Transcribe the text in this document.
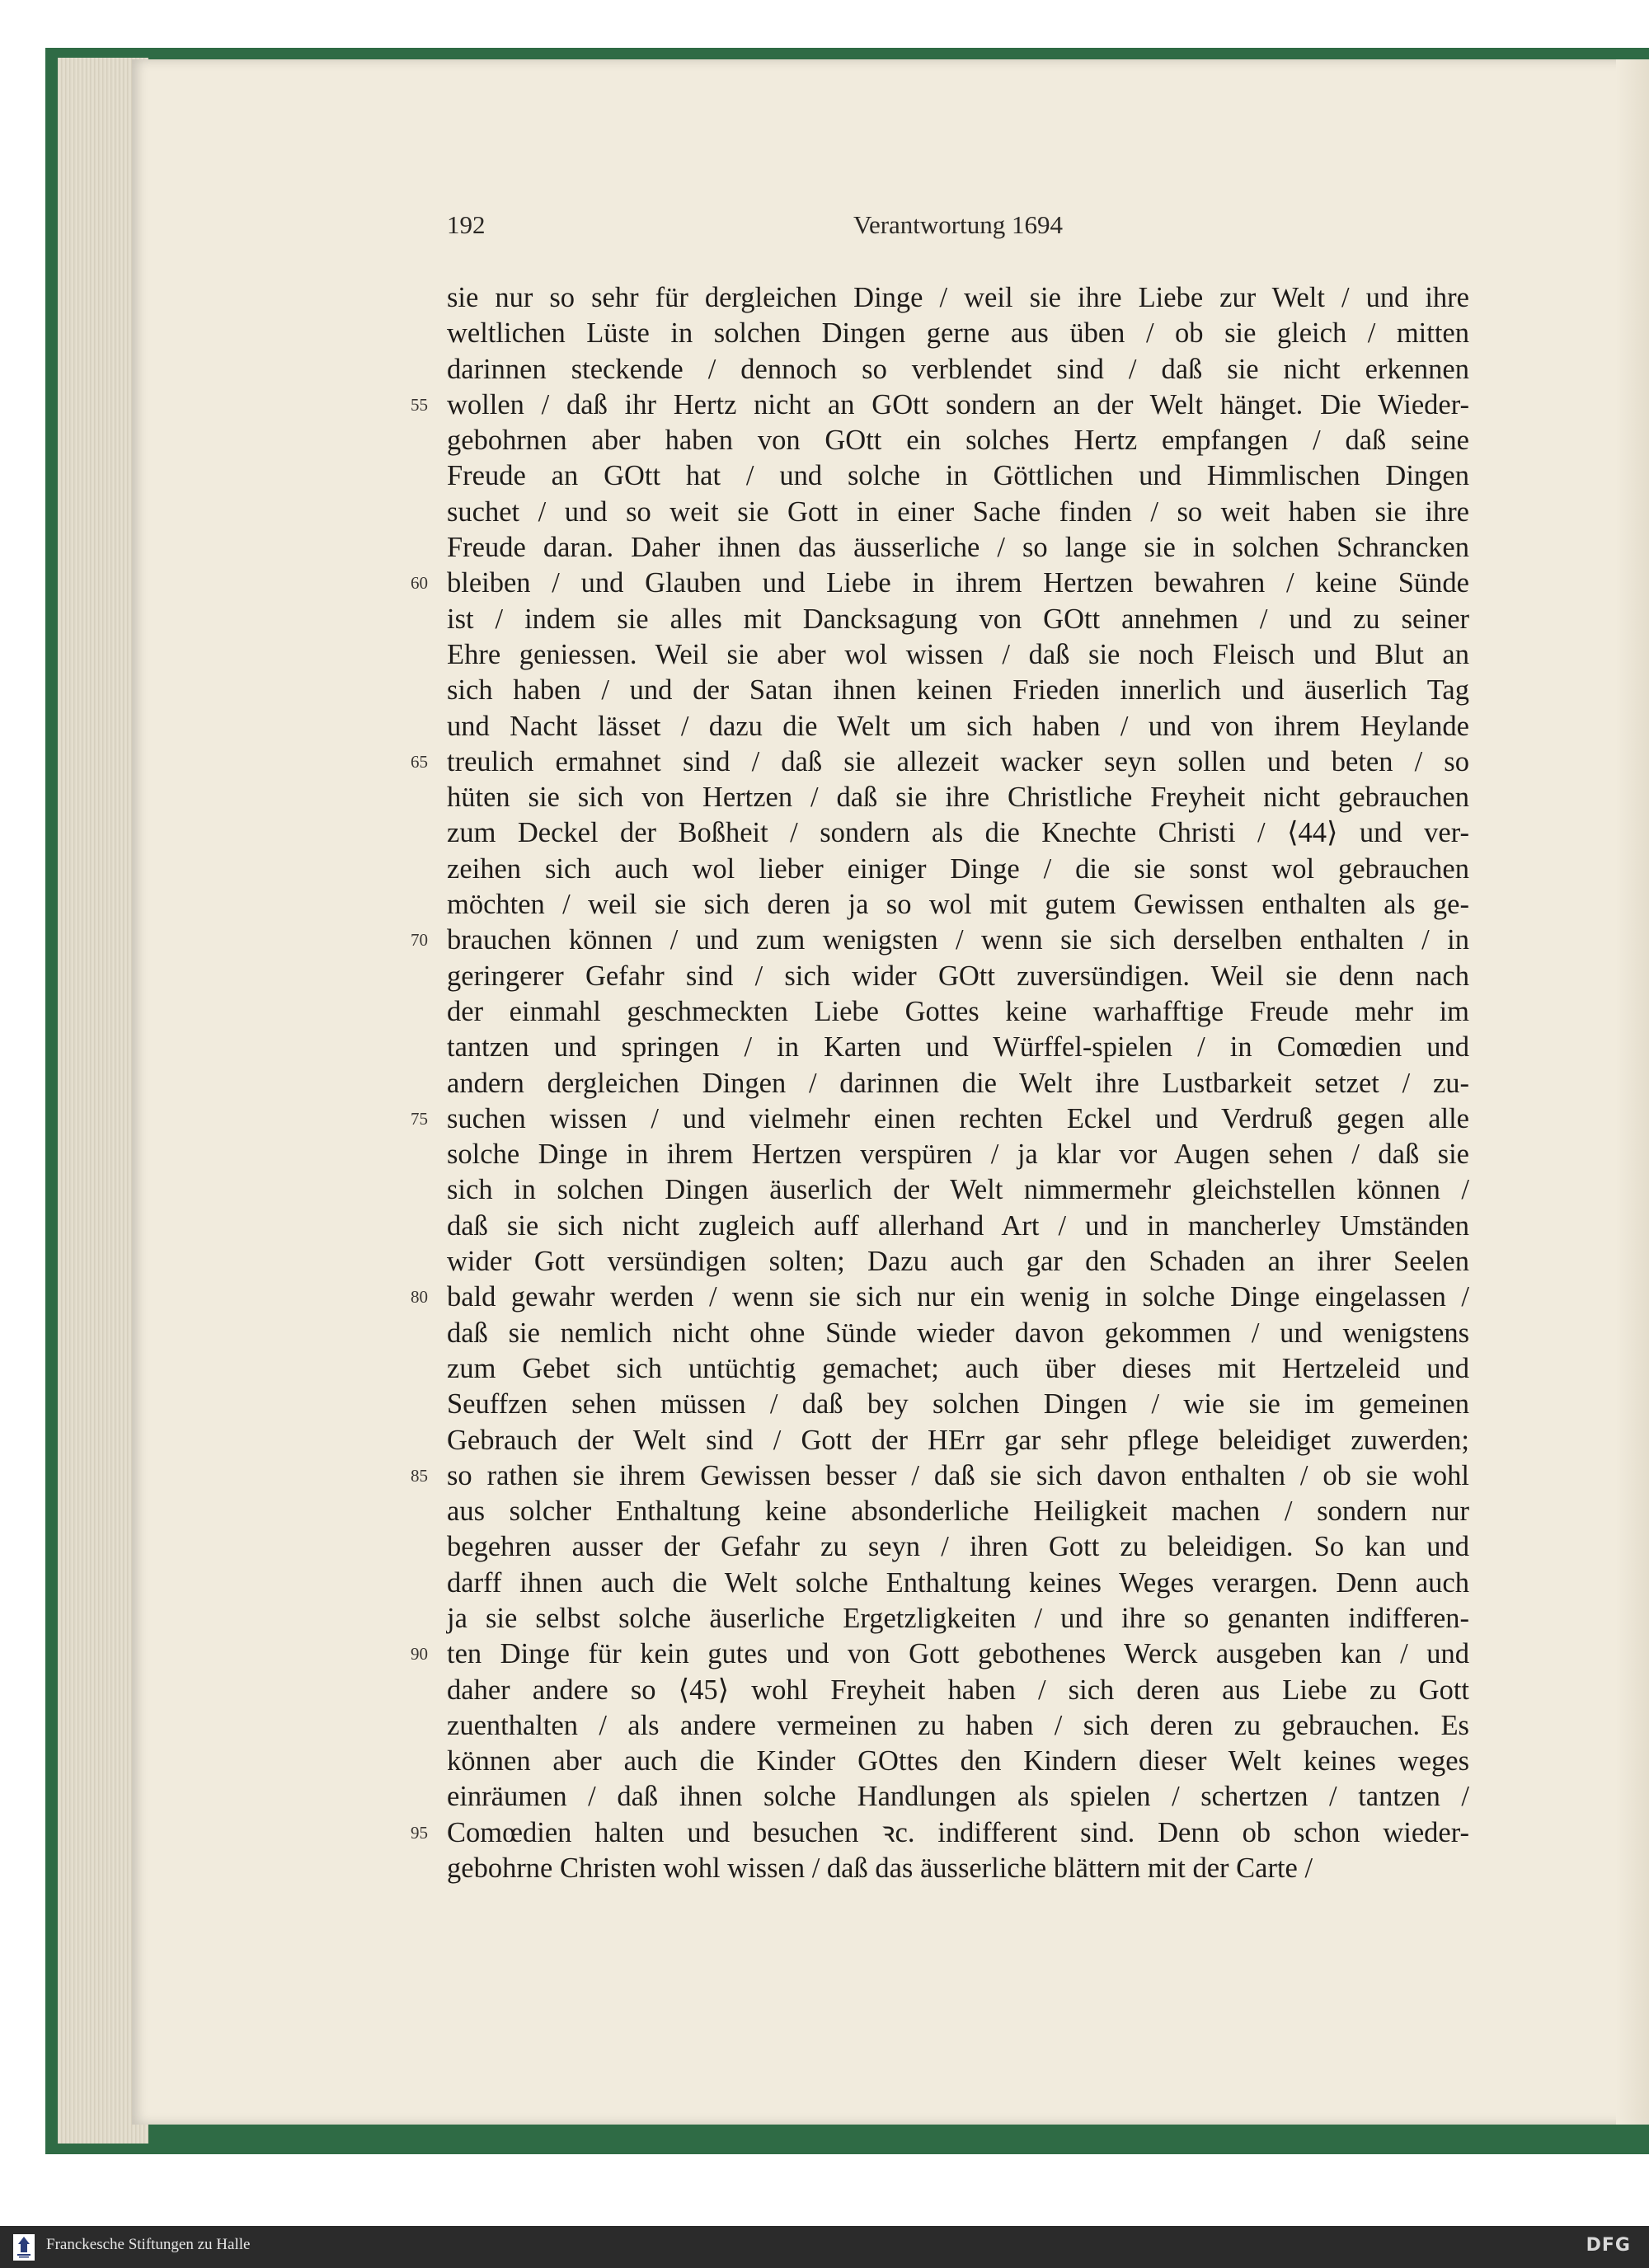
192	Verantwortung 1694
sie nur so sehr für dergleichen Dinge / weil sie ihre Liebe zur Welt / und ihre
weltlichen Lüste in solchen Dingen gerne aus üben / ob sie gleich / mitten
darinnen steckende / dennoch so verblendet sind / daß sie nicht erkennen
55 wollen / daß ihr Hertz nicht an GOtt sondern an der Welt hänget. Die Wieder-
gebohrnen aber haben von GOtt ein solches Hertz empfangen / daß seine
Freude an GOtt hat / und solche in Göttlichen und Himmlischen Dingen
suchet / und so weit sie Gott in einer Sache finden / so weit haben sie ihre
Freude daran. Daher ihnen das äusserliche / so lange sie in solchen Schrancken
60 bleiben / und Glauben und Liebe in ihrem Hertzen bewahren / keine Sünde
ist / indem sie alles mit Dancksagung von GOtt annehmen / und zu seiner
Ehre geniessen. Weil sie aber wol wissen / daß sie noch Fleisch und Blut an
sich haben / und der Satan ihnen keinen Frieden innerlich und äuserlich Tag
und Nacht lässet / dazu die Welt um sich haben / und von ihrem Heylande
65 treulich ermahnet sind / daß sie allezeit wacker seyn sollen und beten / so
hüten sie sich von Hertzen / daß sie ihre Christliche Freyheit nicht gebrauchen
zum Deckel der Boßheit / sondern als die Knechte Christi / ⟨44⟩ und ver-
zeihen sich auch wol lieber einiger Dinge / die sie sonst wol gebrauchen
möchten / weil sie sich deren ja so wol mit gutem Gewissen enthalten als ge-
70 brauchen können / und zum wenigsten / wenn sie sich derselben enthalten / in
geringerer Gefahr sind / sich wider GOtt zuversündigen. Weil sie denn nach
der einmahl geschmeckten Liebe Gottes keine warhafftige Freude mehr im
tantzen und springen / in Karten und Würffel-spielen / in Comœdien und
andern dergleichen Dingen / darinnen die Welt ihre Lustbarkeit setzet / zu-
75 suchen wissen / und vielmehr einen rechten Eckel und Verdruß gegen alle
solche Dinge in ihrem Hertzen verspüren / ja klar vor Augen sehen / daß sie
sich in solchen Dingen äuserlich der Welt nimmermehr gleichstellen können /
daß sie sich nicht zugleich auff allerhand Art / und in mancherley Umständen
wider Gott versündigen solten; Dazu auch gar den Schaden an ihrer Seelen
80 bald gewahr werden / wenn sie sich nur ein wenig in solche Dinge eingelassen /
daß sie nemlich nicht ohne Sünde wieder davon gekommen / und wenigstens
zum Gebet sich untüchtig gemachet; auch über dieses mit Hertzeleid und
Seuffzen sehen müssen / daß bey solchen Dingen / wie sie im gemeinen
Gebrauch der Welt sind / Gott der HErr gar sehr pflege beleidiget zuwerden;
85 so rathen sie ihrem Gewissen besser / daß sie sich davon enthalten / ob sie wohl
aus solcher Enthaltung keine absonderliche Heiligkeit machen / sondern nur
begehren ausser der Gefahr zu seyn / ihren Gott zu beleidigen. So kan und
darff ihnen auch die Welt solche Enthaltung keines Weges verargen. Denn auch
ja sie selbst solche äuserliche Ergetzligkeiten / und ihre so genanten indifferen-
90 ten Dinge für kein gutes und von Gott gebothenes Werck ausgeben kan / und
daher andere so ⟨45⟩ wohl Freyheit haben / sich deren aus Liebe zu Gott
zuenthalten / als andere vermeinen zu haben / sich deren zu gebrauchen. Es
können aber auch die Kinder GOttes den Kindern dieser Welt keines weges
einräumen / daß ihnen solche Handlungen als spielen / schertzen / tantzen /
95 Comœdien halten und besuchen ꝛc. indifferent sind. Denn ob schon wieder-
gebohrne Christen wohl wissen / daß das äusserliche blättern mit der Carte /
Franckesche Stiftungen zu Halle	DFG
